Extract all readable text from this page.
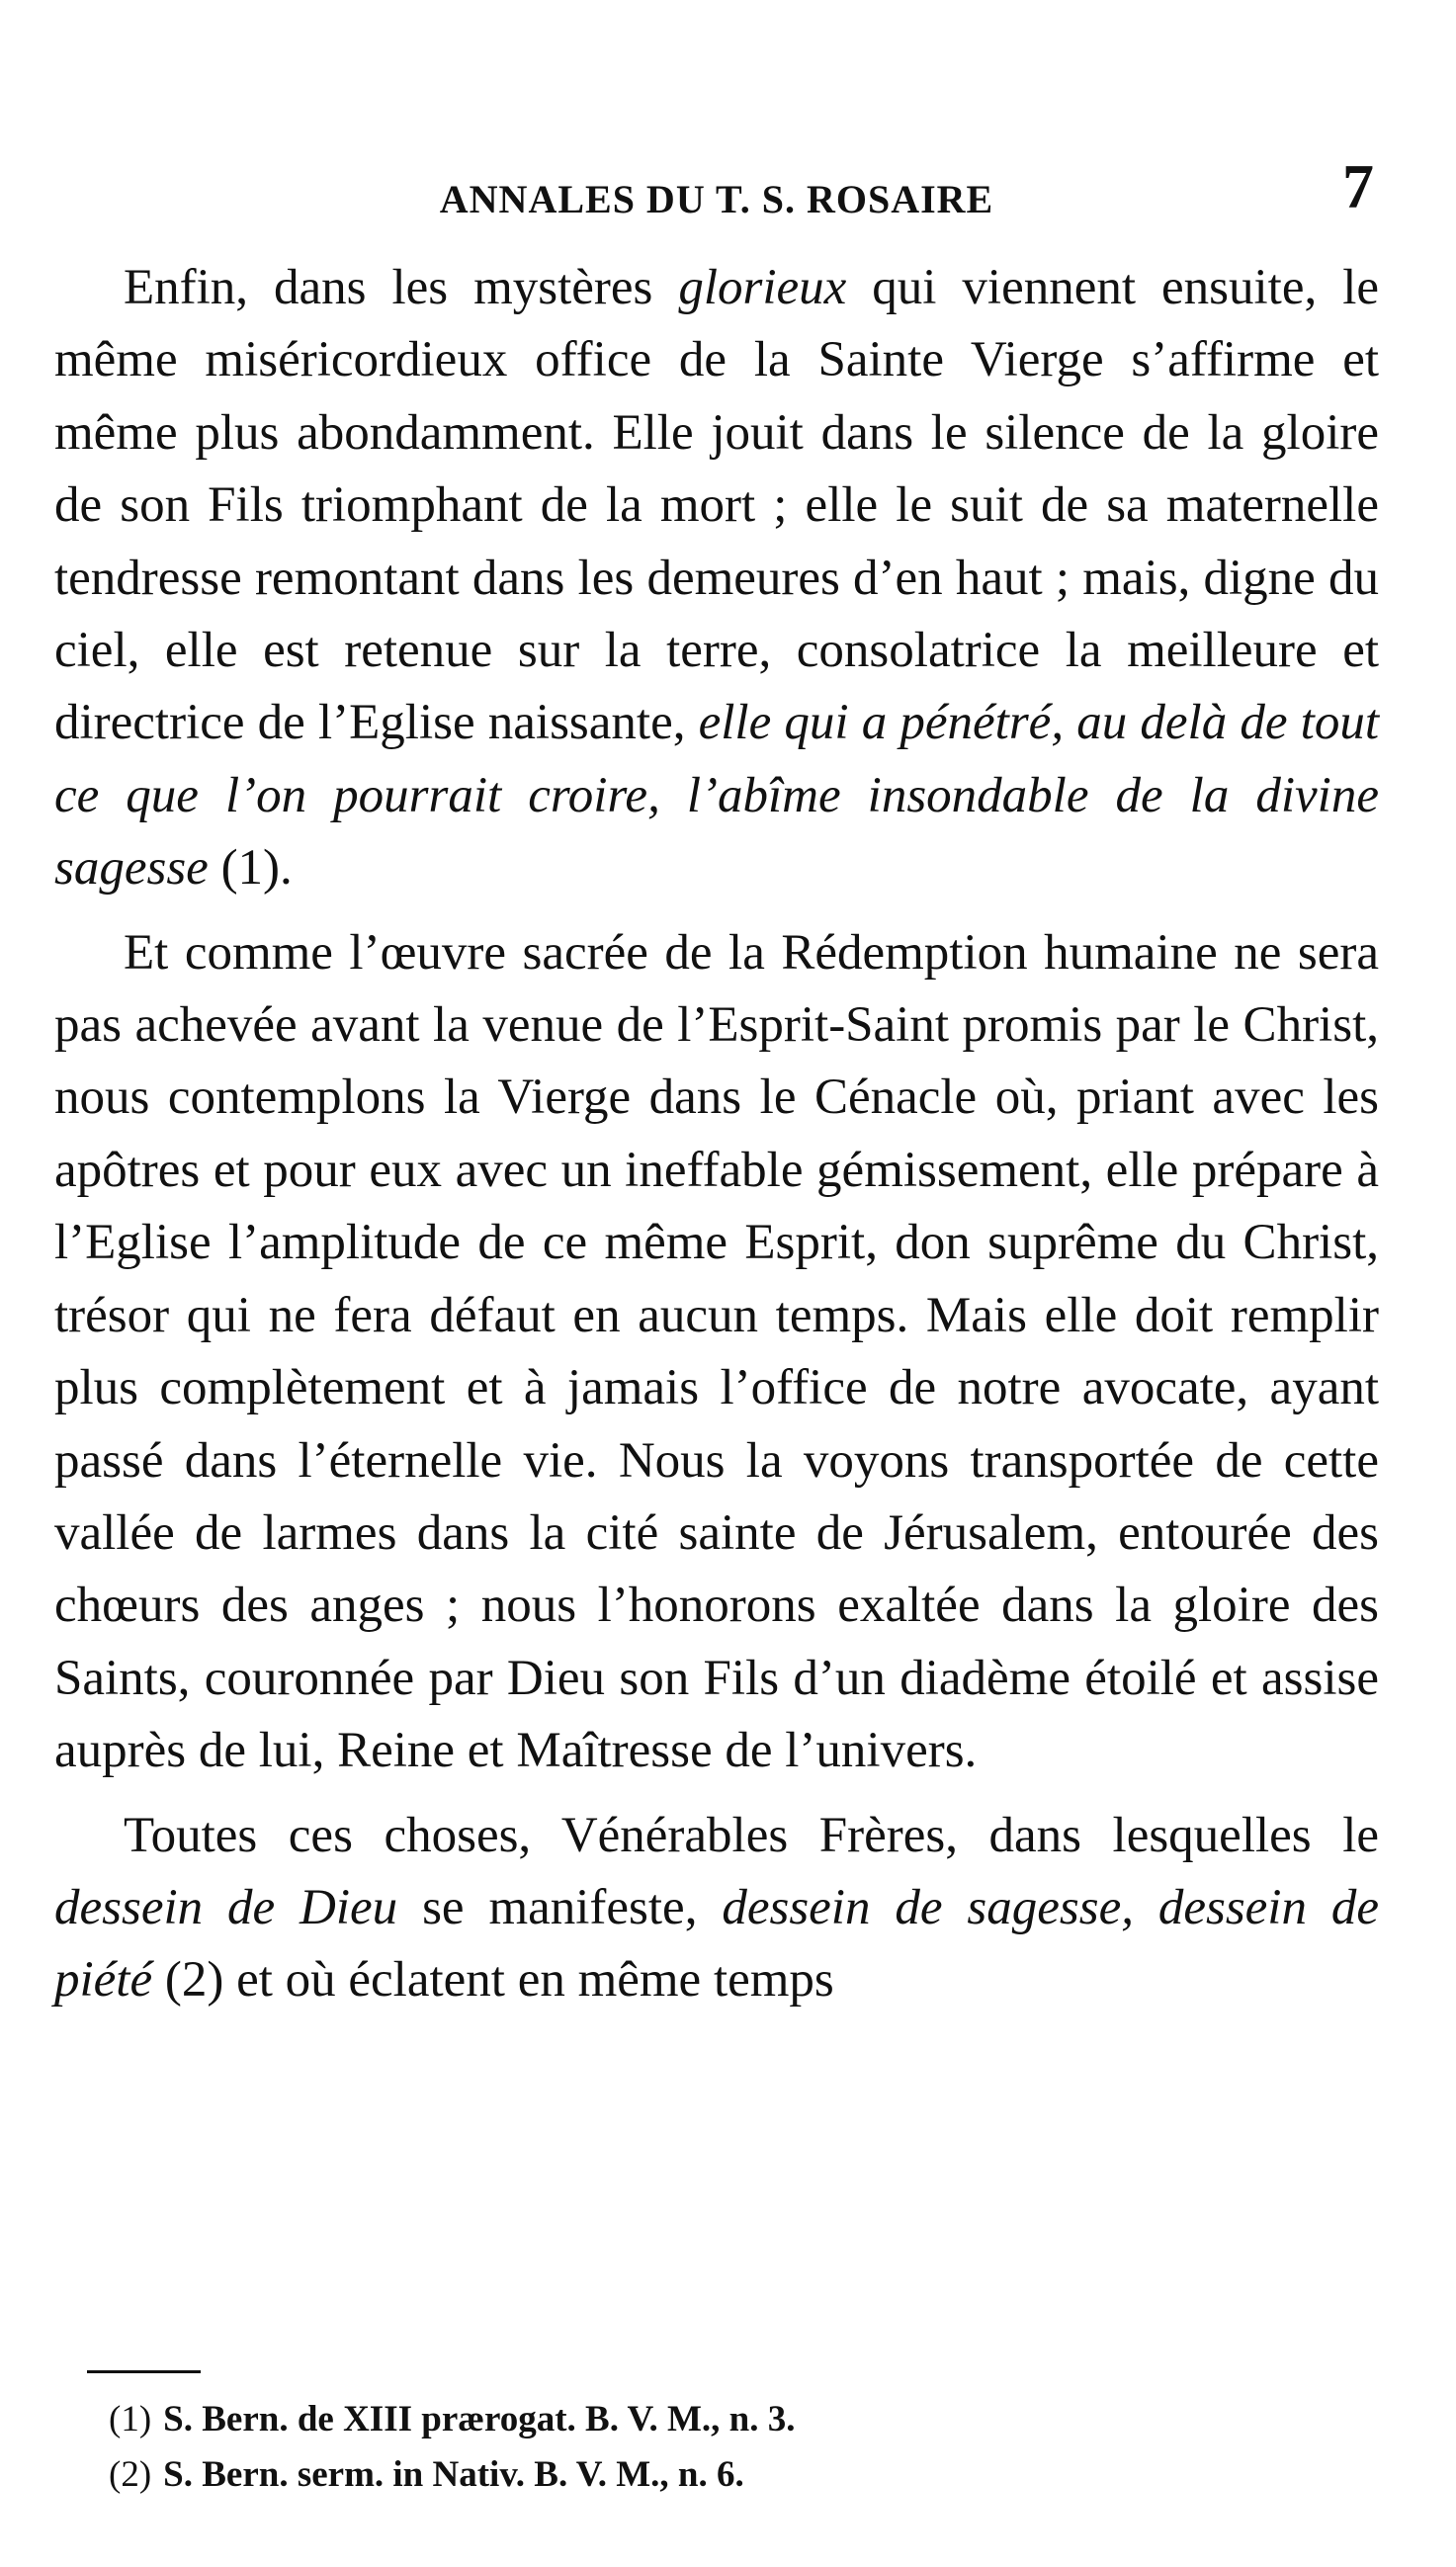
ANNALES DU T. S. ROSAIRE	7

Enfin, dans les mystères glorieux qui viennent ensuite, le même miséricordieux office de la Sainte Vierge s’affirme et même plus abondamment. Elle jouit dans le silence de la gloire de son Fils triomphant de la mort ; elle le suit de sa maternelle tendresse remontant dans les demeures d’en haut ; mais, digne du ciel, elle est retenue sur la terre, consolatrice la meilleure et directrice de l’Eglise naissante, elle qui a pénétré, au delà de tout ce que l’on pourrait croire, l’abîme insondable de la divine sagesse (1).

Et comme l’œuvre sacrée de la Rédemption humaine ne sera pas achevée avant la venue de l’Esprit-Saint promis par le Christ, nous contemplons la Vierge dans le Cénacle où, priant avec les apôtres et pour eux avec un ineffable gémissement, elle prépare à l’Eglise l’amplitude de ce même Esprit, don suprême du Christ, trésor qui ne fera défaut en aucun temps. Mais elle doit remplir plus complètement et à jamais l’office de notre avocate, ayant passé dans l’éternelle vie. Nous la voyons transportée de cette vallée de larmes dans la cité sainte de Jérusalem, entourée des chœurs des anges ; nous l’honorons exaltée dans la gloire des Saints, couronnée par Dieu son Fils d’un diadème étoilé et assise auprès de lui, Reine et Maîtresse de l’univers.

Toutes ces choses, Vénérables Frères, dans lesquelles le dessein de Dieu se manifeste, dessein de sagesse, dessein de piété (2) et où éclatent en même temps

(1) S. Bern. de XIII prærogat. B. V. M., n. 3.
(2) S. Bern. serm. in Nativ. B. V. M., n. 6.
